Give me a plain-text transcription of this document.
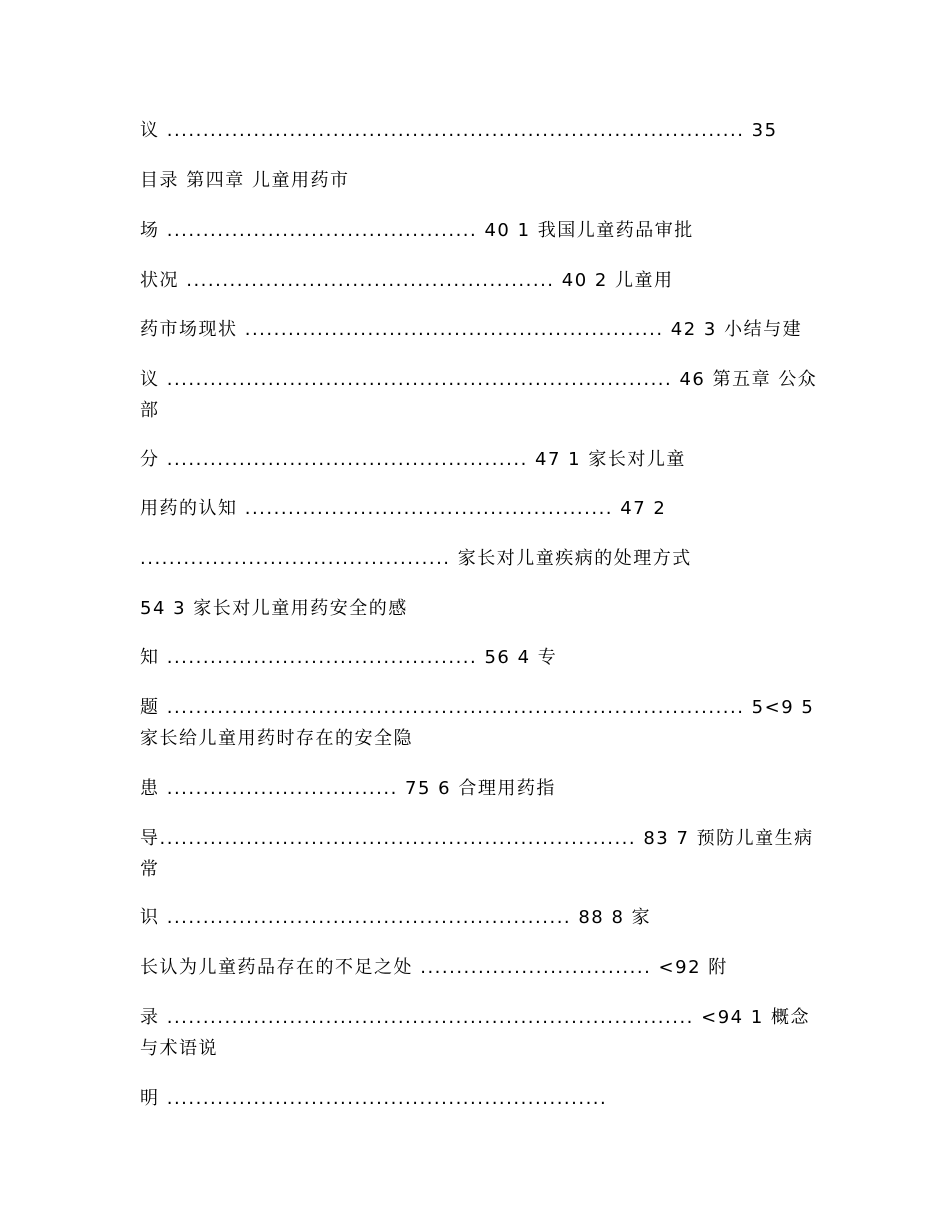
议 ................................................................................ 35
目录 第四章 儿童用药市
场 ........................................... 40 1 我国儿童药品审批
状况 ................................................... 40 2 儿童用
药市场现状 .......................................................... 42 3 小结与建
议 ...................................................................... 46 第五章 公众
部
分 .................................................. 47 1 家长对儿童
用药的认知 ................................................... 47 2
........................................... 家长对儿童疾病的处理方式
54 3 家长对儿童用药安全的感
知 ........................................... 56 4 专
题 ................................................................................ 5<9 5
家长给儿童用药时存在的安全隐
患 ................................ 75 6 合理用药指
导.................................................................. 83 7 预防儿童生病
常
识 ........................................................ 88 8 家
长认为儿童药品存在的不足之处 ................................ <92 附
录 ......................................................................... <94 1 概念
与术语说
明 .............................................................
